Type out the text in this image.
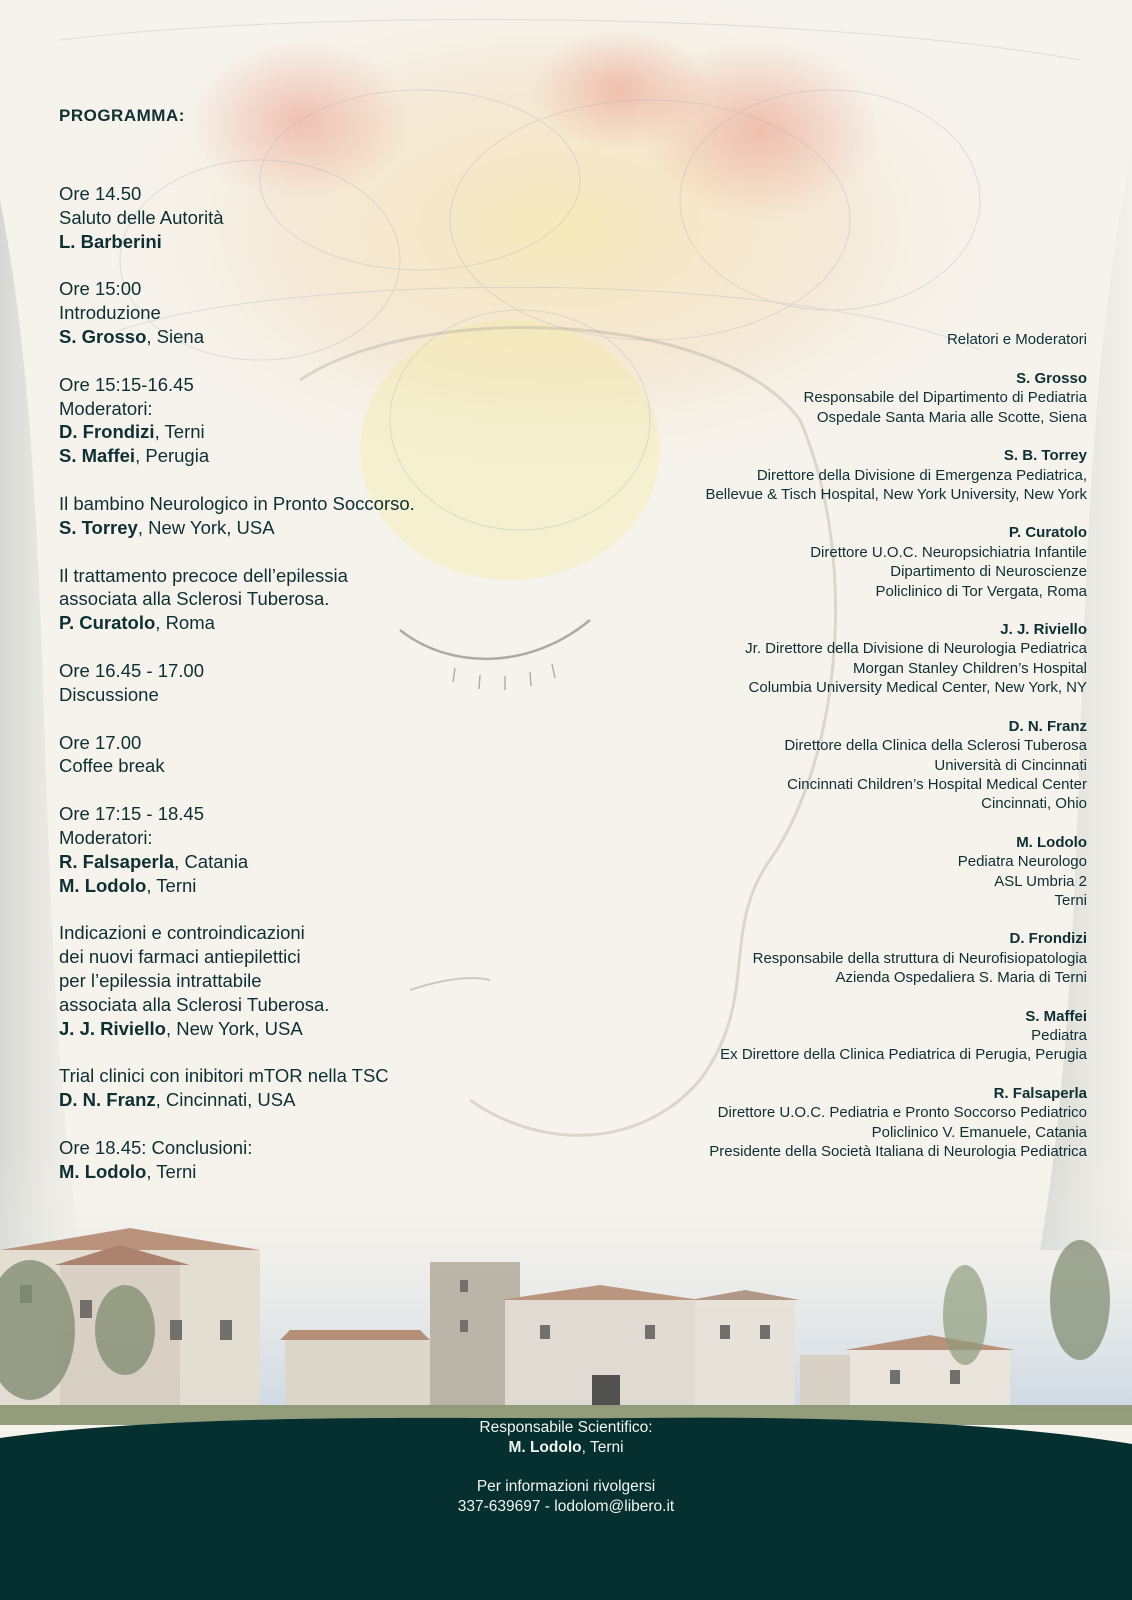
PROGRAMMA:
Ore 14.50
Saluto delle Autorità
L. Barberini
Ore 15:00
Introduzione
S. Grosso, Siena
Ore 15:15-16.45
Moderatori:
D. Frondizi, Terni
S. Maffei, Perugia
Il bambino Neurologico in Pronto Soccorso.
S. Torrey, New York, USA
Il trattamento precoce dell’epilessia
associata alla Sclerosi Tuberosa.
P. Curatolo, Roma
Ore 16.45 - 17.00
Discussione
Ore 17.00
Coffee break
Ore 17:15 - 18.45
Moderatori:
R. Falsaperla, Catania
M. Lodolo, Terni
Indicazioni e controindicazioni
dei nuovi farmaci antiepilettici
per l’epilessia intrattabile
associata alla Sclerosi Tuberosa.
J. J. Riviello, New York, USA
Trial clinici con inibitori mTOR nella TSC
D. N. Franz, Cincinnati, USA
Ore 18.45: Conclusioni:
M. Lodolo, Terni
Relatori e Moderatori
S. Grosso
Responsabile del Dipartimento di Pediatria
Ospedale Santa Maria alle Scotte, Siena
S. B. Torrey
Direttore della Divisione di Emergenza Pediatrica,
Bellevue & Tisch Hospital, New York University, New York
P. Curatolo
Direttore U.O.C. Neuropsichiatria Infantile
Dipartimento di Neuroscienze
Policlinico di Tor Vergata, Roma
J. J. Riviello
Jr. Direttore della Divisione di Neurologia Pediatrica
Morgan Stanley Children’s Hospital
Columbia University Medical Center, New York, NY
D. N. Franz
Direttore della Clinica della Sclerosi Tuberosa
Università di Cincinnati
Cincinnati Children’s Hospital Medical Center
Cincinnati, Ohio
M. Lodolo
Pediatra Neurologo
ASL Umbria 2
Terni
D. Frondizi
Responsabile della struttura di Neurofisiopatologia
Azienda Ospedaliera S. Maria di Terni
S. Maffei
Pediatra
Ex Direttore della Clinica Pediatrica di Perugia, Perugia
R. Falsaperla
Direttore U.O.C. Pediatria e Pronto Soccorso Pediatrico
Policlinico V. Emanuele, Catania
Presidente della Società Italiana di Neurologia Pediatrica
Responsabile Scientifico:
M. Lodolo, Terni
Per informazioni rivolgersi
337-639697 - lodolom@libero.it
